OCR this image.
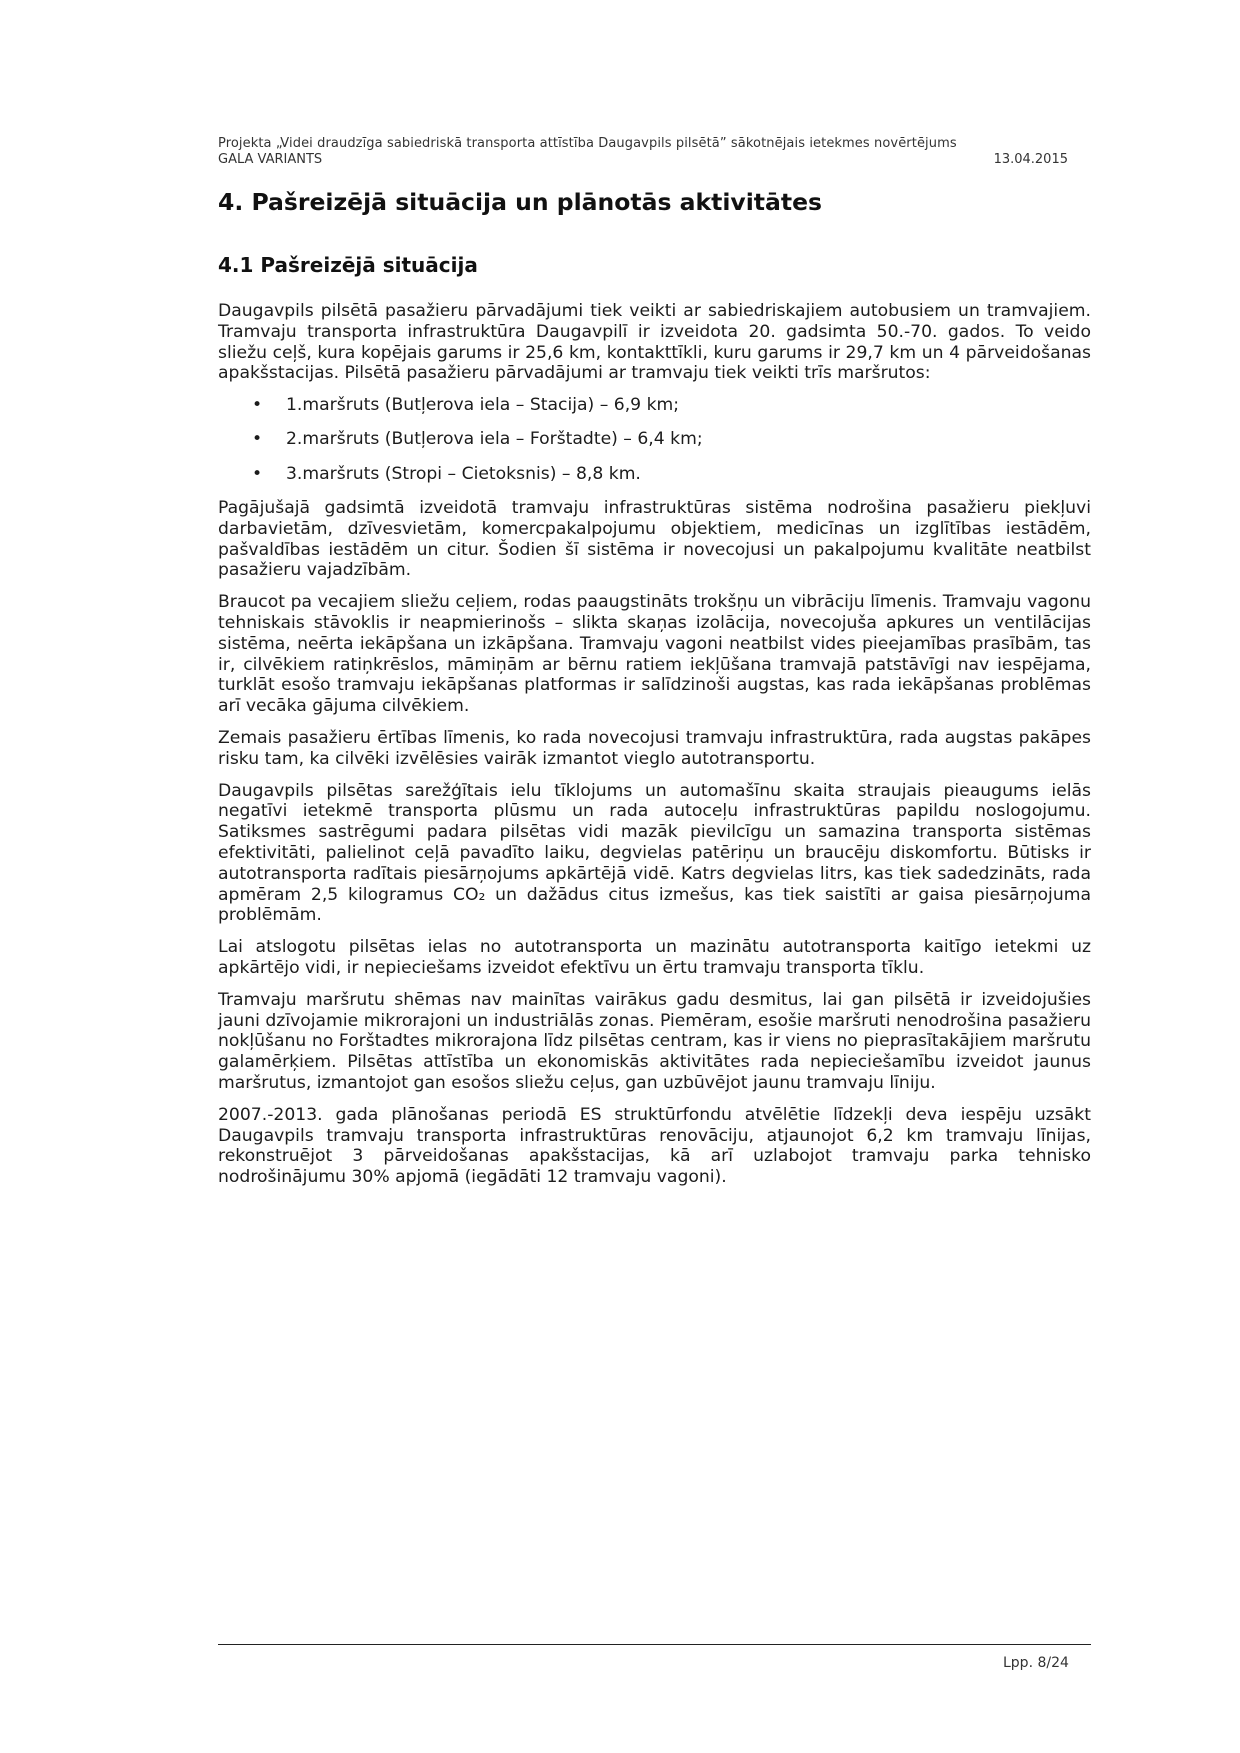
Projekta „Videi draudzīga sabiedriskā transporta attīstība Daugavpils pilsētā” sākotnējais ietekmes novērtējums
GALA VARIANTS	13.04.2015
4. Pašreizējā situācija un plānotās aktivitātes
4.1 Pašreizējā situācija

Daugavpils pilsētā pasažieru pārvadājumi tiek veikti ar sabiedriskajiem autobusiem un tramvajiem. Tramvaju transporta infrastruktūra Daugavpilī ir izveidota 20. gadsimta 50.-70. gados. To veido sliežu ceļš, kura kopējais garums ir 25,6 km, kontakttīkli, kuru garums ir 29,7 km un 4 pārveidošanas apakšstacijas. Pilsētā pasažieru pārvadājumi ar tramvaju tiek veikti trīs maršrutos:

• 1.maršruts (Butļerova iela – Stacija) – 6,9 km;
• 2.maršruts (Butļerova iela – Forštadte) – 6,4 km;
• 3.maršruts (Stropi – Cietoksnis) – 8,8 km.

Pagājušajā gadsimtā izveidotā tramvaju infrastruktūras sistēma nodrošina pasažieru piekļuvi darbavietām, dzīvesvietām, komercpakalpojumu objektiem, medicīnas un izglītības iestādēm, pašvaldības iestādēm un citur. Šodien šī sistēma ir novecojusi un pakalpojumu kvalitāte neatbilst pasažieru vajadzībām.

Braucot pa vecajiem sliežu ceļiem, rodas paaugstināts trokšņu un vibrāciju līmenis. Tramvaju vagonu tehniskais stāvoklis ir neapmierinošs – slikta skaņas izolācija, novecojuša apkures un ventilācijas sistēma, neērta iekāpšana un izkāpšana. Tramvaju vagoni neatbilst vides pieejamības prasībām, tas ir, cilvēkiem ratiņkrēslos, māmiņām ar bērnu ratiem iekļūšana tramvajā patstāvīgi nav iespējama, turklāt esošo tramvaju iekāpšanas platformas ir salīdzinoši augstas, kas rada iekāpšanas problēmas arī vecāka gājuma cilvēkiem.

Zemais pasažieru ērtības līmenis, ko rada novecojusi tramvaju infrastruktūra, rada augstas pakāpes risku tam, ka cilvēki izvēlēsies vairāk izmantot vieglo autotransportu.

Daugavpils pilsētas sarežģītais ielu tīklojums un automašīnu skaita straujais pieaugums ielās negatīvi ietekmē transporta plūsmu un rada autoceļu infrastruktūras papildu noslogojumu. Satiksmes sastrēgumi padara pilsētas vidi mazāk pievilcīgu un samazina transporta sistēmas efektivitāti, palielinot ceļā pavadīto laiku, degvielas patēriņu un braucēju diskomfortu. Būtisks ir autotransporta radītais piesārņojums apkārtējā vidē. Katrs degvielas litrs, kas tiek sadedzināts, rada apmēram 2,5 kilogramus CO₂ un dažādus citus izmešus, kas tiek saistīti ar gaisa piesārņojuma problēmām.

Lai atslogotu pilsētas ielas no autotransporta un mazinātu autotransporta kaitīgo ietekmi uz apkārtējo vidi, ir nepieciešams izveidot efektīvu un ērtu tramvaju transporta tīklu.

Tramvaju maršrutu shēmas nav mainītas vairākus gadu desmitus, lai gan pilsētā ir izveidojušies jauni dzīvojamie mikrorajoni un industriālās zonas. Piemēram, esošie maršruti nenodrošina pasažieru nokļūšanu no Forštadtes mikrorajona līdz pilsētas centram, kas ir viens no pieprasītakājiem maršrutu galamērķiem. Pilsētas attīstība un ekonomiskās aktivitātes rada nepieciešamību izveidot jaunus maršrutus, izmantojot gan esošos sliežu ceļus, gan uzbūvējot jaunu tramvaju līniju.

2007.-2013. gada plānošanas periodā ES struktūrfondu atvēlētie līdzekļi deva iespēju uzsākt Daugavpils tramvaju transporta infrastruktūras renovāciju, atjaunojot 6,2 km tramvaju līnijas, rekonstruējot 3 pārveidošanas apakšstacijas, kā arī uzlabojot tramvaju parka tehnisko nodrošinājumu 30% apjomā (iegādāti 12 tramvaju vagoni).

Lpp. 8/24
